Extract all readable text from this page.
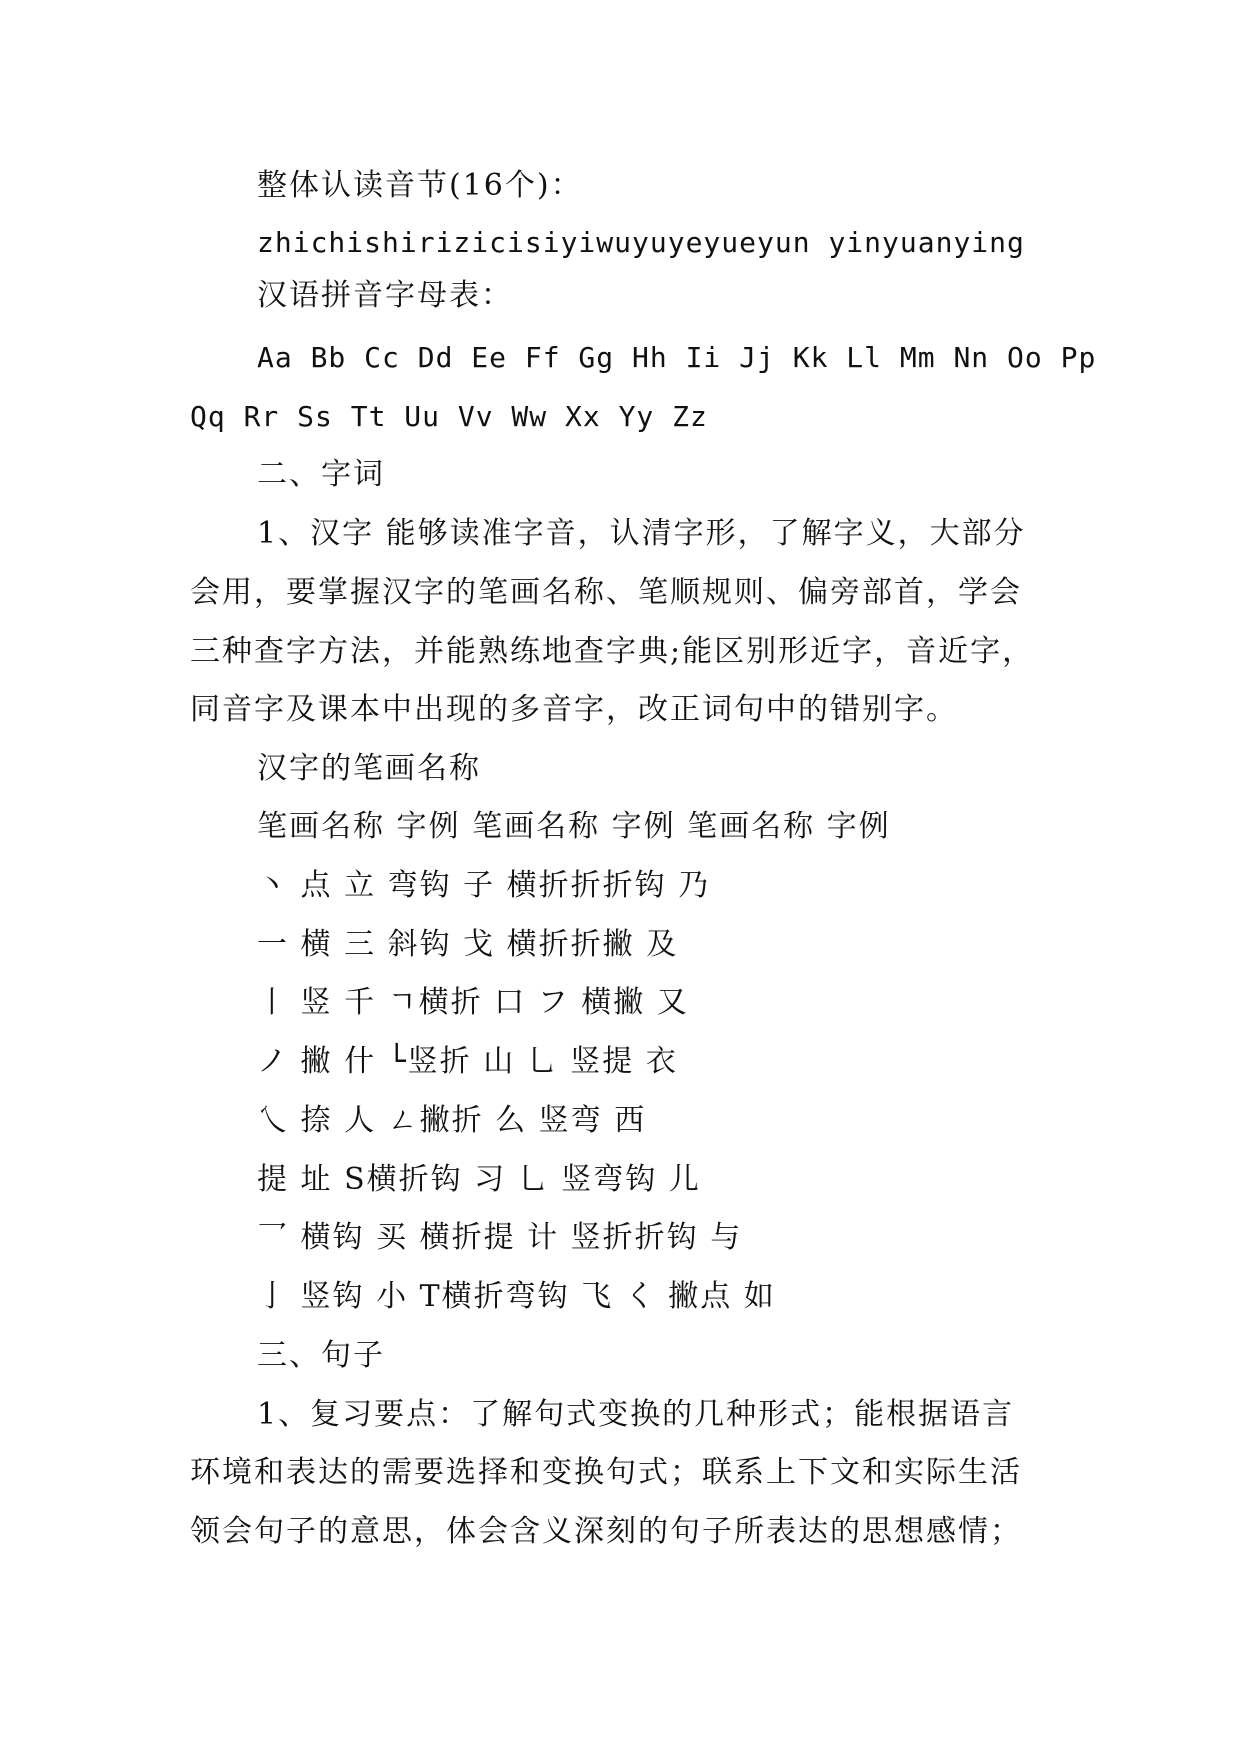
整体认读音节(16个)：
zhichishirizicisiyiwuyuyeyueyun yinyuanying
汉语拼音字母表：
Aa Bb Cc Dd Ee Ff Gg Hh Ii Jj Kk Ll Mm Nn Oo Pp
Qq Rr Ss Tt Uu Vv Ww Xx Yy Zz
二、字词
1、汉字 能够读准字音，认清字形，了解字义，大部分
会用，要掌握汉字的笔画名称、笔顺规则、偏旁部首，学会
三种查字方法，并能熟练地查字典;能区别形近字，音近字，
同音字及课本中出现的多音字，改正词句中的错别字。
汉字的笔画名称
笔画名称 字例 笔画名称 字例 笔画名称 字例
丶 点 立 弯钩 子 横折折折钩 乃
一 横 三 斜钩 戈 横折折撇 及
丨 竖 千 ㄱ横折 口 フ 横撇 又
ノ 撇 什 └竖折 山 乚 竖提 衣
乀 捺 人 ㄥ撇折 么 竖弯 西
提 址 S横折钩 习 乚 竖弯钩 儿
乛 横钩 买 横折提 计 竖折折钩 与
亅 竖钩 小 T横折弯钩 飞 く 撇点 如
三、句子
1、复习要点：了解句式变换的几种形式；能根据语言
环境和表达的需要选择和变换句式；联系上下文和实际生活
领会句子的意思，体会含义深刻的句子所表达的思想感情；
